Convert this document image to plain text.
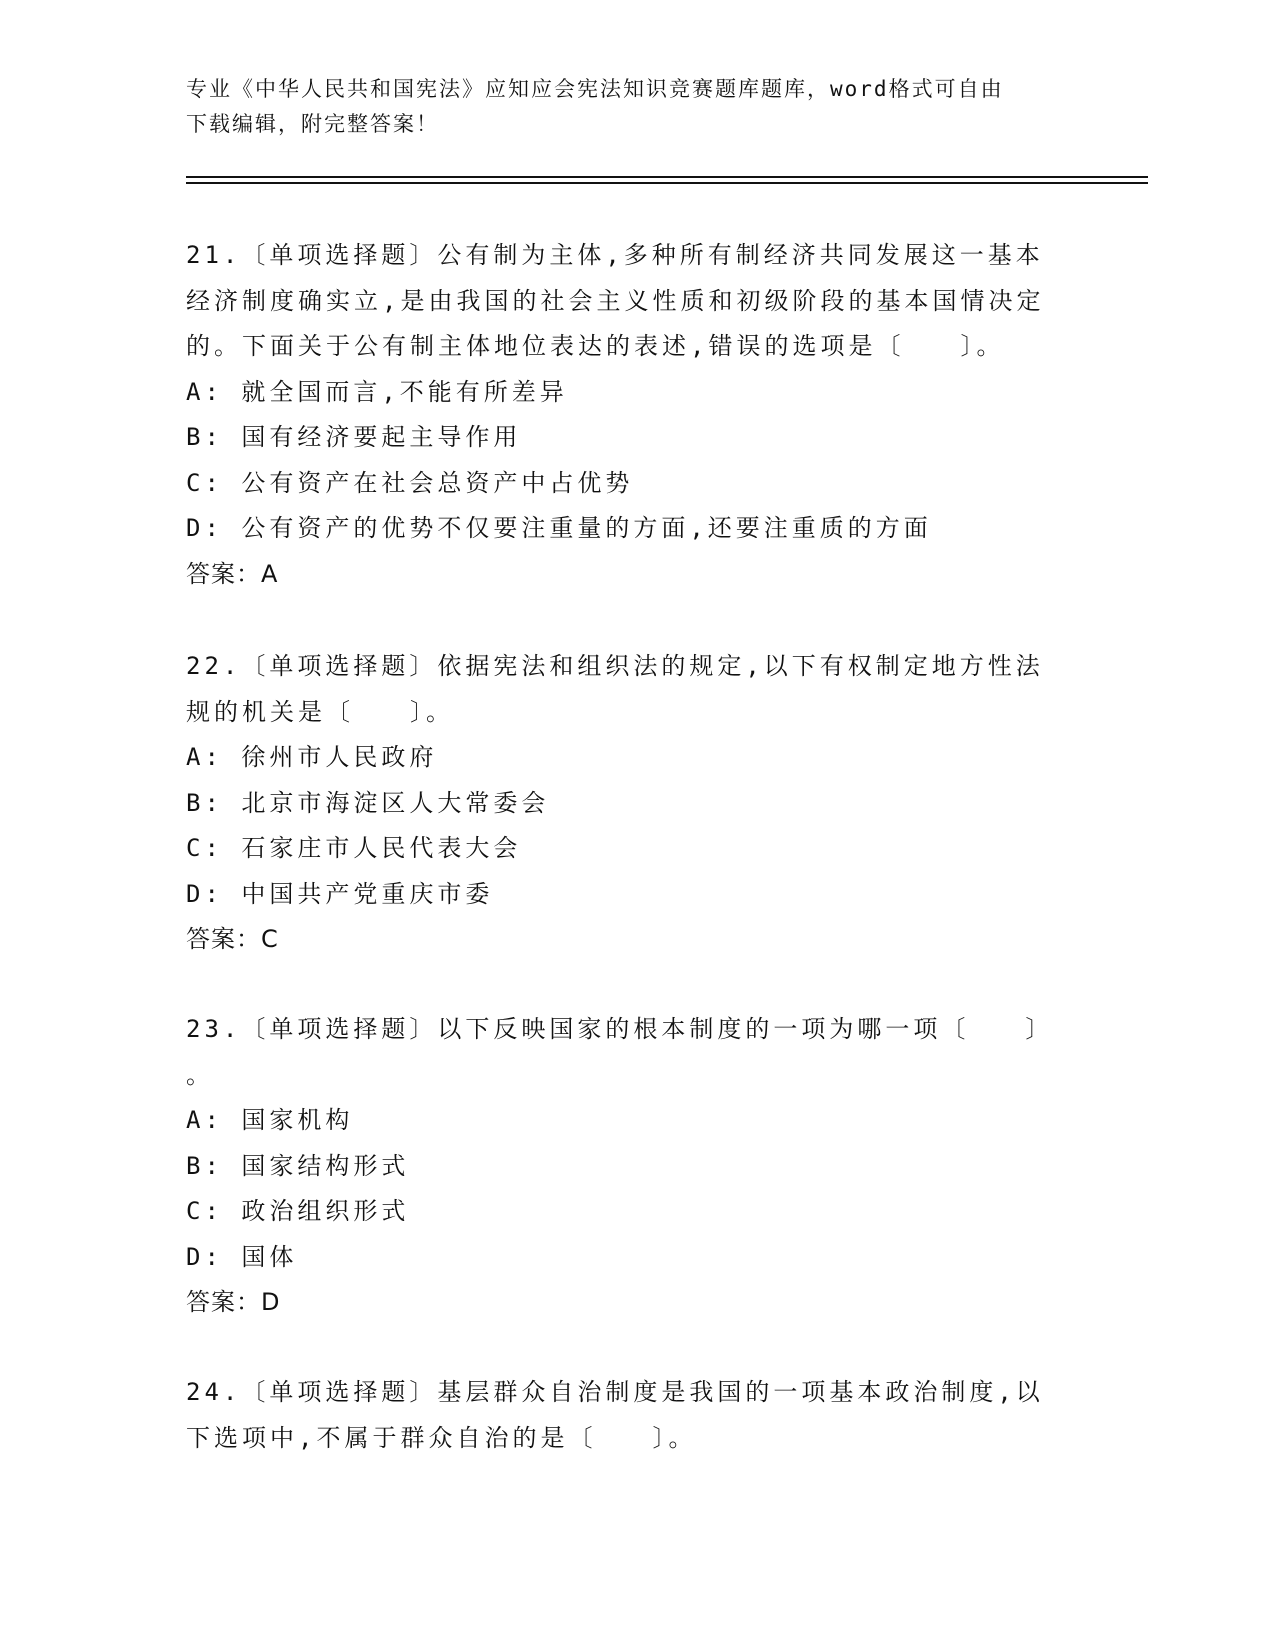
专业《中华人民共和国宪法》应知应会宪法知识竞赛题库题库，word格式可自由
下载编辑，附完整答案！

21.〔单项选择题〕公有制为主体,多种所有制经济共同发展这一基本

经济制度确实立,是由我国的社会主义性质和初级阶段的基本国情决定

的。下面关于公有制主体地位表达的表述,错误的选项是〔　　〕。

A: 就全国而言,不能有所差异

B: 国有经济要起主导作用

C: 公有资产在社会总资产中占优势

D: 公有资产的优势不仅要注重量的方面,还要注重质的方面

答案：A

22.〔单项选择题〕依据宪法和组织法的规定,以下有权制定地方性法

规的机关是〔　　〕。

A: 徐州市人民政府

B: 北京市海淀区人大常委会

C: 石家庄市人民代表大会

D: 中国共产党重庆市委

答案：C

23.〔单项选择题〕以下反映国家的根本制度的一项为哪一项〔　　〕

。

A: 国家机构

B: 国家结构形式

C: 政治组织形式

D: 国体

答案：D

24.〔单项选择题〕基层群众自治制度是我国的一项基本政治制度,以

下选项中,不属于群众自治的是〔　　〕。
